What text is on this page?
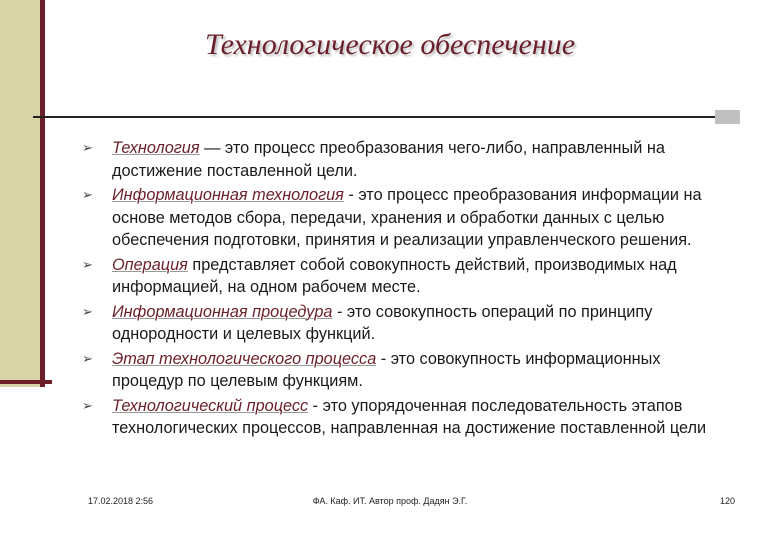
Технологическое обеспечение
➢ Технология — это процесс преобразования чего-либо, направленный на достижение поставленной цели.
➢ Информационная технология - это процесс преобразования информации на основе методов сбора, передачи, хранения и обработки данных с целью обеспечения подготовки, принятия и реализации управленческого решения.
➢ Операция представляет собой совокупность действий, производимых над информацией, на одном рабочем месте.
➢ Информационная процедура - это совокупность операций по принципу однородности и целевых функций.
➢ Этап технологического процесса - это совокупность информационных процедур по целевым функциям.
➢ Технологический процесс - это упорядоченная последовательность этапов технологических процессов, направленная на достижение поставленной цели
17.02.2018 2:56	ФА. Каф. ИТ. Автор проф. Дадян Э.Г.	120
